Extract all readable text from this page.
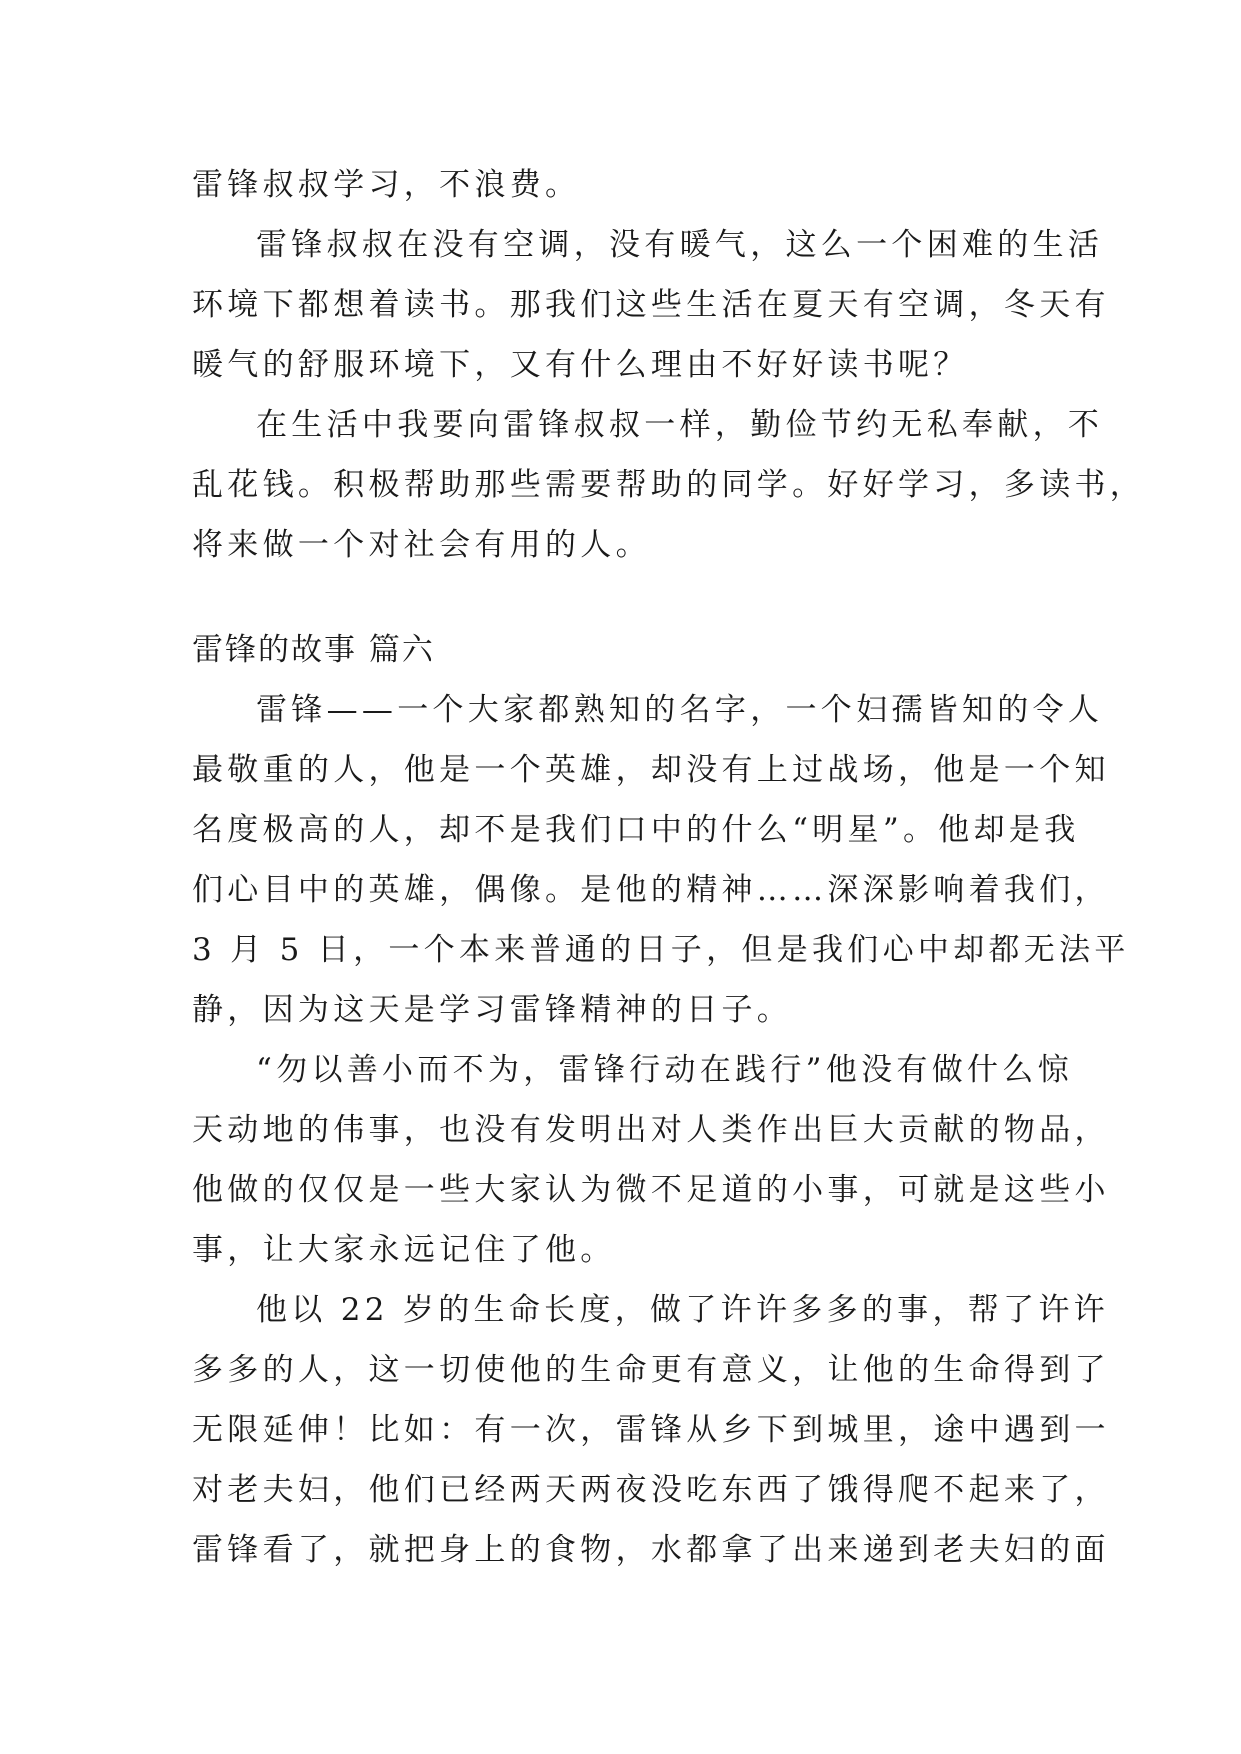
雷锋叔叔学习，不浪费。
雷锋叔叔在没有空调，没有暖气，这么一个困难的生活
环境下都想着读书。那我们这些生活在夏天有空调，冬天有
暖气的舒服环境下，又有什么理由不好好读书呢？
在生活中我要向雷锋叔叔一样，勤俭节约无私奉献，不
乱花钱。积极帮助那些需要帮助的同学。好好学习，多读书，
将来做一个对社会有用的人。
雷锋的故事 篇六
雷锋——一个大家都熟知的名字，一个妇孺皆知的令人
最敬重的人，他是一个英雄，却没有上过战场，他是一个知
名度极高的人，却不是我们口中的什么“明星”。他却是我
们心目中的英雄，偶像。是他的精神……深深影响着我们，
3 月 5 日，一个本来普通的日子，但是我们心中却都无法平
静，因为这天是学习雷锋精神的日子。
“勿以善小而不为，雷锋行动在践行”他没有做什么惊
天动地的伟事，也没有发明出对人类作出巨大贡献的物品，
他做的仅仅是一些大家认为微不足道的小事，可就是这些小
事，让大家永远记住了他。
他以 22 岁的生命长度，做了许许多多的事，帮了许许
多多的人，这一切使他的生命更有意义，让他的生命得到了
无限延伸！比如：有一次，雷锋从乡下到城里，途中遇到一
对老夫妇，他们已经两天两夜没吃东西了饿得爬不起来了，
雷锋看了，就把身上的食物，水都拿了出来递到老夫妇的面
